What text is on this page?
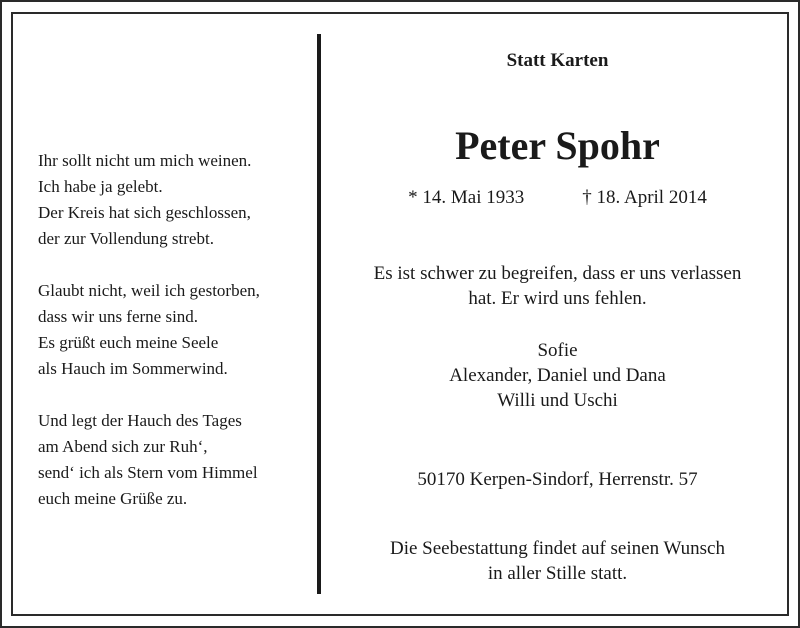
Ihr sollt nicht um mich weinen.
Ich habe ja gelebt.
Der Kreis hat sich geschlossen,
der zur Vollendung strebt.
Glaubt nicht, weil ich gestorben,
dass wir uns ferne sind.
Es grüßt euch meine Seele
als Hauch im Sommerwind.
Und legt der Hauch des Tages
am Abend sich zur Ruh‘,
send‘ ich als Stern vom Himmel
euch meine Grüße zu.
Statt Karten
Peter Spohr
* 14. Mai 1933	† 18. April 2014
Es ist schwer zu begreifen, dass er uns verlassen
hat. Er wird uns fehlen.
Sofie
Alexander, Daniel und Dana
Willi und Uschi
50170 Kerpen-Sindorf, Herrenstr. 57
Die Seebestattung findet auf seinen Wunsch
in aller Stille statt.
